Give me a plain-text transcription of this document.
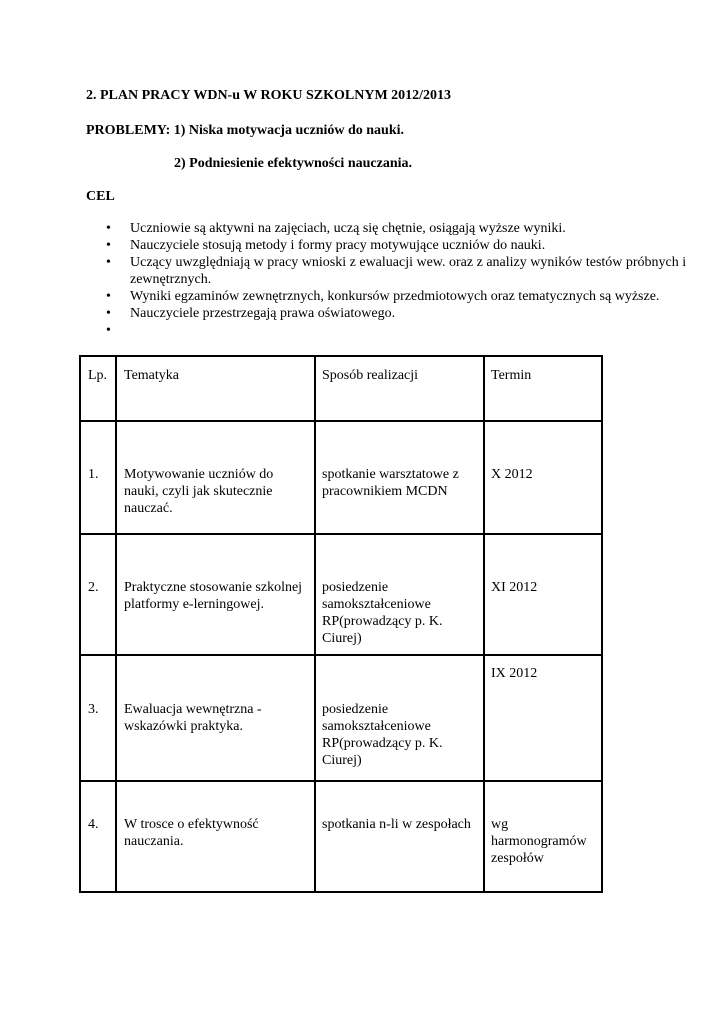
2. PLAN PRACY WDN-u W ROKU SZKOLNYM 2012/2013
PROBLEMY: 1) Niska motywacja uczniów do nauki.
2) Podniesienie efektywności nauczania.
CEL
• Uczniowie są aktywni na zajęciach, uczą się chętnie, osiągają wyższe wyniki.
• Nauczyciele stosują metody i formy pracy motywujące uczniów do nauki.
• Uczący uwzględniają w pracy wnioski z ewaluacji wew. oraz z analizy wyników testów próbnych i zewnętrznych.
• Wyniki egzaminów zewnętrznych, konkursów przedmiotowych oraz tematycznych są wyższe.
• Nauczyciele przestrzegają prawa oświatowego.
•
Lp.	Tematyka	Sposób realizacji	Termin
1.	Motywowanie uczniów do nauki, czyli jak skutecznie nauczać.	spotkanie warsztatowe z pracownikiem MCDN	X 2012
2.	Praktyczne stosowanie szkolnej platformy e-lerningowej.	posiedzenie samokształceniowe RP(prowadzący p. K. Ciurej)	XI 2012
3.	Ewaluacja wewnętrzna - wskazówki praktyka.	posiedzenie samokształceniowe RP(prowadzący p. K. Ciurej)	IX 2012
4.	W trosce o efektywność nauczania.	spotkania n-li w zespołach	wg harmonogramów zespołów
